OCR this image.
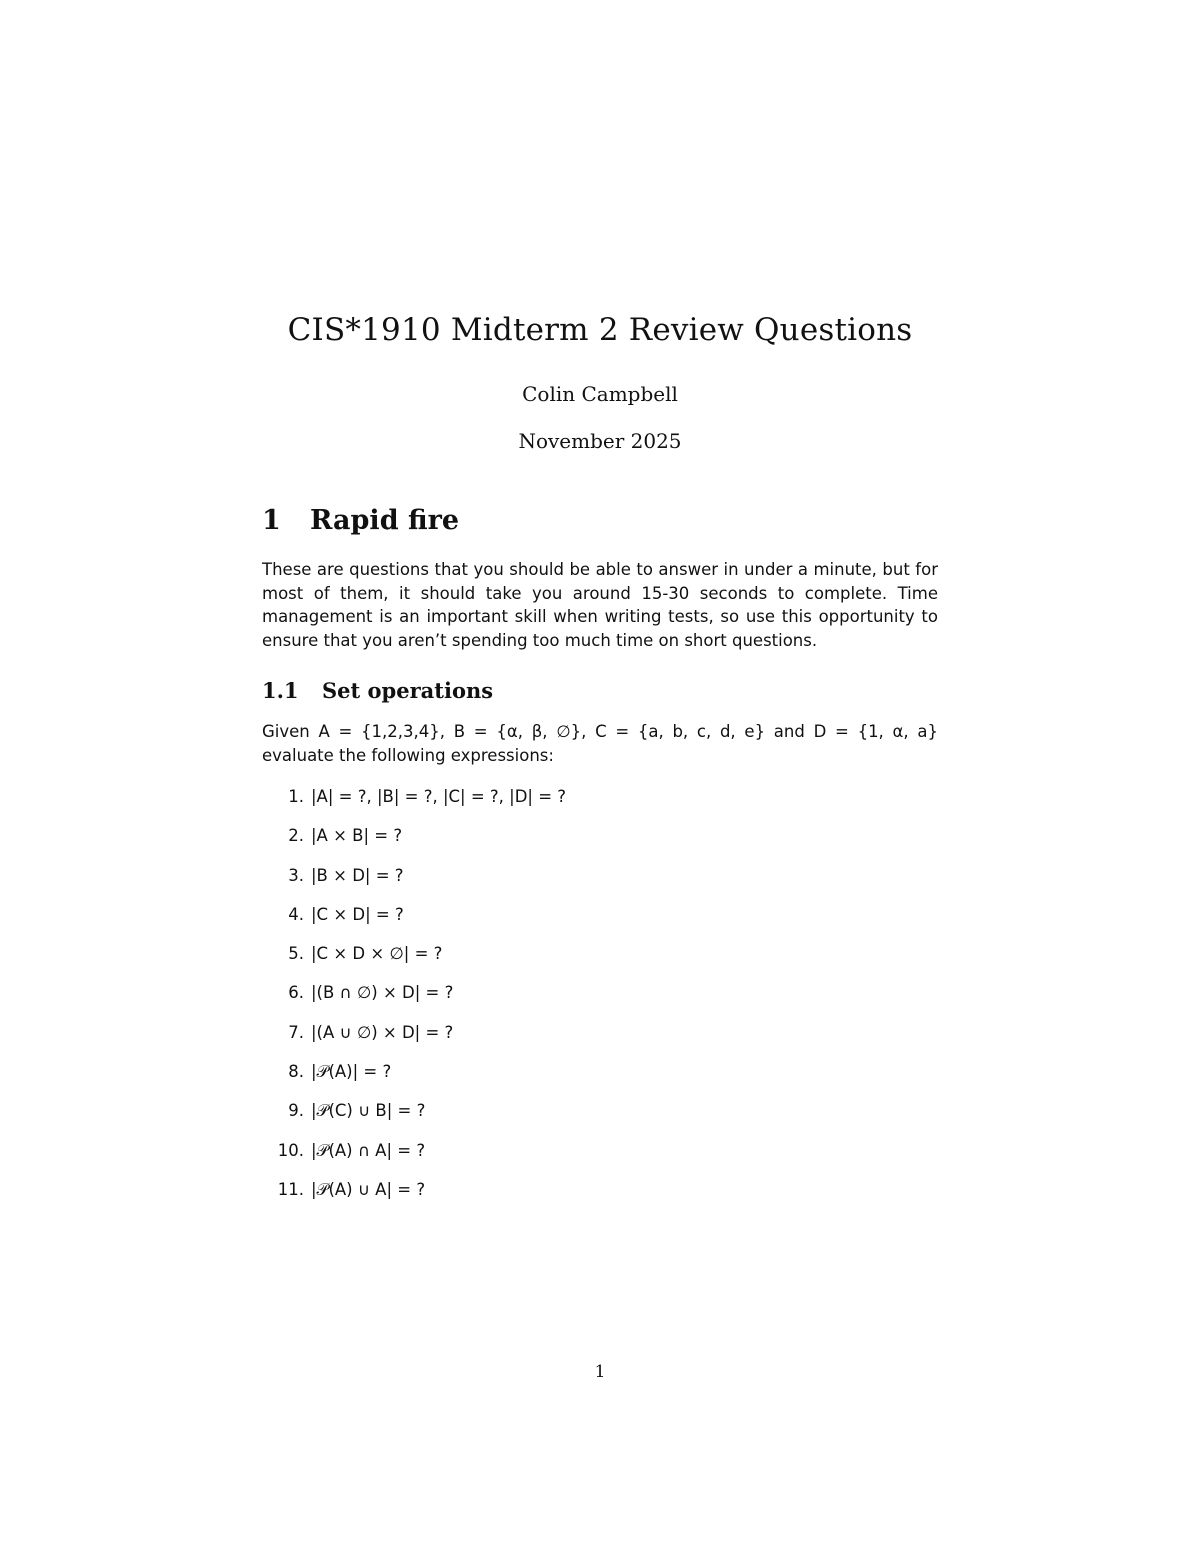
CIS*1910 Midterm 2 Review Questions
Colin Campbell
November 2025
1 Rapid fire
These are questions that you should be able to answer in under a minute, but for most of them, it should take you around 15-30 seconds to complete. Time management is an important skill when writing tests, so use this opportunity to ensure that you aren’t spending too much time on short questions.
1.1 Set operations
Given A = {1,2,3,4}, B = {α, β, ∅}, C = {a, b, c, d, e} and D = {1, α, a} evaluate the following expressions:
1. |A| = ?, |B| = ?, |C| = ?, |D| = ?
2. |A × B| = ?
3. |B × D| = ?
4. |C × D| = ?
5. |C × D × ∅| = ?
6. |(B ∩ ∅) × D| = ?
7. |(A ∪ ∅) × D| = ?
8. |𝒫(A)| = ?
9. |𝒫(C) ∪ B| = ?
10. |𝒫(A) ∩ A| = ?
11. |𝒫(A) ∪ A| = ?
1
